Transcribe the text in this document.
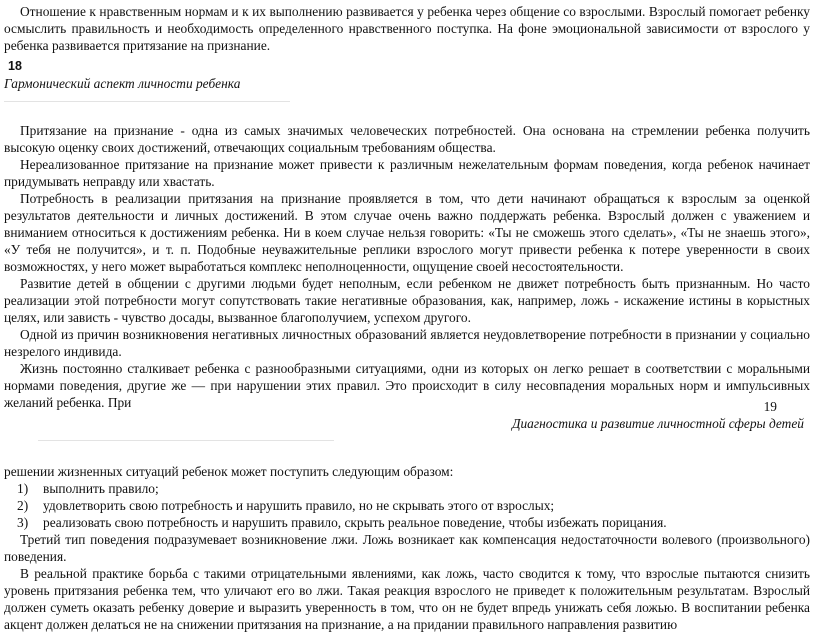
Отношение к нравственным нормам и к их выполнению развивается у ребенка через общение со взрослыми. Взрослый помогает ребенку осмыслить правильность и необходимость определенного нравственного поступка. На фоне эмоциональной зависимости от взрослого у ребенка развивается притязание на признание.

18
Гармонический аспект личности ребенка

Притязание на признание - одна из самых значимых человеческих потребностей. Она основана на стремлении ребенка получить высокую оценку своих достижений, отвечающих социальным требованиям общества.

Нереализованное притязание на признание может привести к различным нежелательным формам поведения, когда ребенок начинает придумывать неправду или хвастать.

Потребность в реализации притязания на признание проявляется в том, что дети начинают обращаться к взрослым за оценкой результатов деятельности и личных достижений. В этом случае очень важно поддержать ребенка. Взрослый должен с уважением и вниманием относиться к достижениям ребенка. Ни в коем случае нельзя говорить: «Ты не сможешь этого сделать», «Ты не знаешь этого», «У тебя не получится», и т. п. Подобные неуважительные реплики взрослого могут привести ребенка к потере уверенности в своих возможностях, у него может выработаться комплекс неполноценности, ощущение своей несостоятельности.

Развитие детей в общении с другими людьми будет неполным, если ребенком не движет потребность быть признанным. Но часто реализации этой потребности могут сопутствовать такие негативные образования, как, например, ложь - искажение истины в корыстных целях, или зависть - чувство досады, вызванное благополучием, успехом другого.

Одной из причин возникновения негативных личностных образований является неудовлетворение потребности в признании у социально незрелого индивида.

Жизнь постоянно сталкивает ребенка с разнообразными ситуациями, одни из которых он легко решает в соответствии с моральными нормами поведения, другие же — при нарушении этих правил. Это происходит в силу несовпадения моральных норм и импульсивных желаний ребенка. При	19
Диагностика и развитие личностной сферы детей

решении жизненных ситуаций ребенок может поступить следующим образом:

1) выполнить правило;
2) удовлетворить свою потребность и нарушить правило, но не скрывать этого от взрослых;
3) реализовать свою потребность и нарушить правило, скрыть реальное поведение, чтобы избежать порицания.

Третий тип поведения подразумевает возникновение лжи. Ложь возникает как компенсация недостаточности волевого (произвольного) поведения.

В реальной практике борьба с такими отрицательными явлениями, как ложь, часто сводится к тому, что взрослые пытаются снизить уровень притязания ребенка тем, что уличают его во лжи. Такая реакция взрослого не приведет к положительным результатам. Взрослый должен суметь оказать ребенку доверие и выразить уверенность в том, что он не будет впредь унижать себя ложью. В воспитании ребенка акцент должен делаться не на снижении притязания на признание, а на придании правильного направления развитию
